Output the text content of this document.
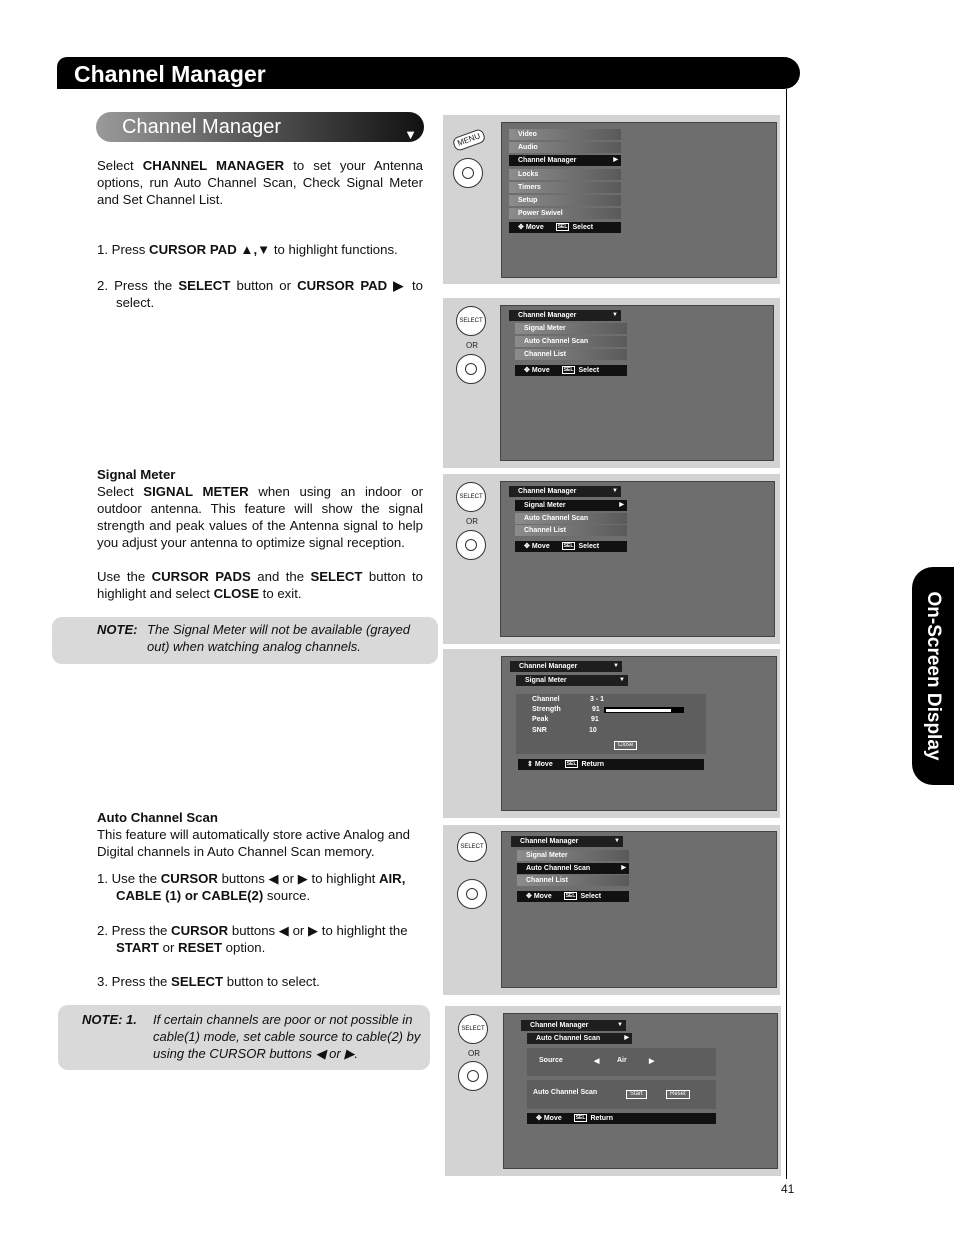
Channel Manager
On-Screen Display
41
Channel Manager	▼
Select CHANNEL MANAGER to set your Antenna options, run Auto Channel Scan, Check Signal Meter and Set Channel List.
1. Press CURSOR PAD ▲,▼ to highlight functions.
2. Press the SELECT button or CURSOR PAD ▶ to select.
Signal Meter
Select SIGNAL METER when using an indoor or outdoor antenna. This feature will show the signal strength and peak values of the Antenna signal to help you adjust your antenna to optimize signal reception.
Use the CURSOR PADS and the SELECT button to highlight and select CLOSE to exit.
NOTE: The Signal Meter will not be available (grayed out) when watching analog channels.
Auto Channel Scan
This feature will automatically store active Analog and Digital channels in Auto Channel Scan memory.
1. Use the CURSOR buttons ◀ or ▶ to highlight AIR, CABLE (1) or CABLE(2) source.
2. Press the CURSOR buttons ◀ or ▶ to highlight the START or RESET option.
3. Press the SELECT button to select.
NOTE: 1. If certain channels are poor or not possible in cable(1) mode, set cable source to cable(2) by using the CURSOR buttons ◀ or ▶.
MENU	Video
Audio
Channel Manager	▶
Locks
Timers
Setup
Power Swivel
✥ Move	SEL Select
SELECT
OR
Channel Manager	▼
Signal Meter
Auto Channel Scan
Channel List
✥ Move	SEL Select
SELECT
OR
Channel Manager	▼
Signal Meter	▶
Auto Channel Scan
Channel List
✥ Move	SEL Select
Channel Manager	▼
Signal Meter	▼
Channel	3 - 1
Strength	91
Peak	91
SNR	10
Close
⇕ Move	SEL Return
SELECT
Channel Manager	▼
Signal Meter
Auto Channel Scan	▶
Channel List
✥ Move	SEL Select
SELECT
OR
Channel Manager	▼
Auto Channel Scan	▶
Source	◀	Air	▶
Auto Channel Scan	Start	Reset
✥ Move	SEL Return
